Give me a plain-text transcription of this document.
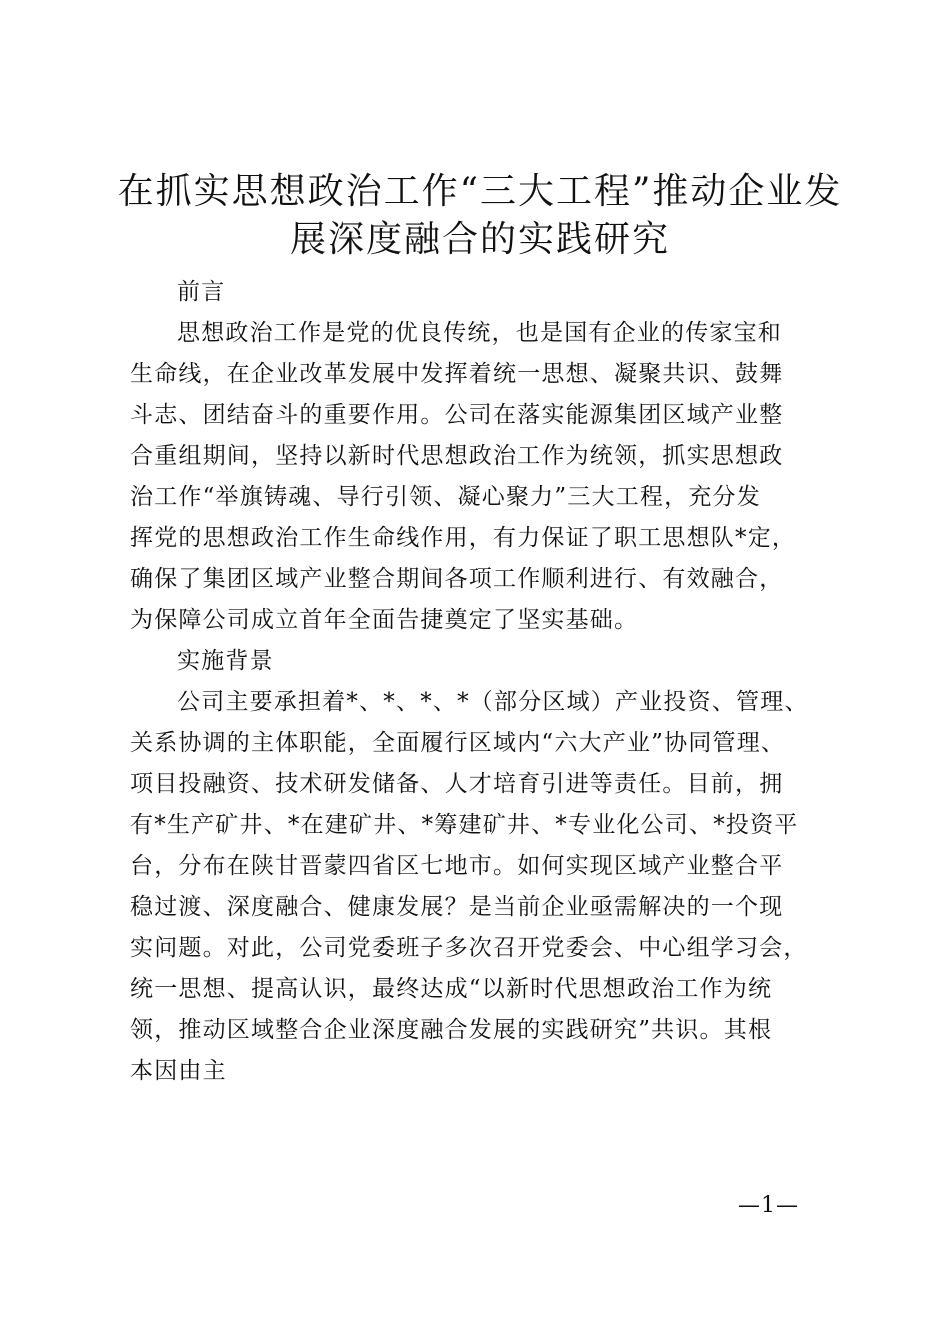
在抓实思想政治工作“三大工程”推动企业发
展深度融合的实践研究

前言

思想政治工作是党的优良传统，也是国有企业的传家宝和
生命线，在企业改革发展中发挥着统一思想、凝聚共识、鼓舞
斗志、团结奋斗的重要作用。公司在落实能源集团区域产业整
合重组期间，坚持以新时代思想政治工作为统领，抓实思想政
治工作“举旗铸魂、导行引领、凝心聚力”三大工程，充分发
挥党的思想政治工作生命线作用，有力保证了职工思想队*定，
确保了集团区域产业整合期间各项工作顺利进行、有效融合，
为保障公司成立首年全面告捷奠定了坚实基础。

实施背景

公司主要承担着*、*、*、*（部分区域）产业投资、管理、
关系协调的主体职能，全面履行区域内“六大产业”协同管理、
项目投融资、技术研发储备、人才培育引进等责任。目前，拥
有*生产矿井、*在建矿井、*筹建矿井、*专业化公司、*投资平
台，分布在陕甘晋蒙四省区七地市。如何实现区域产业整合平
稳过渡、深度融合、健康发展？是当前企业亟需解决的一个现
实问题。对此，公司党委班子多次召开党委会、中心组学习会，
统一思想、提高认识，最终达成“以新时代思想政治工作为统
领，推动区域整合企业深度融合发展的实践研究”共识。其根
本因由主

—1—
